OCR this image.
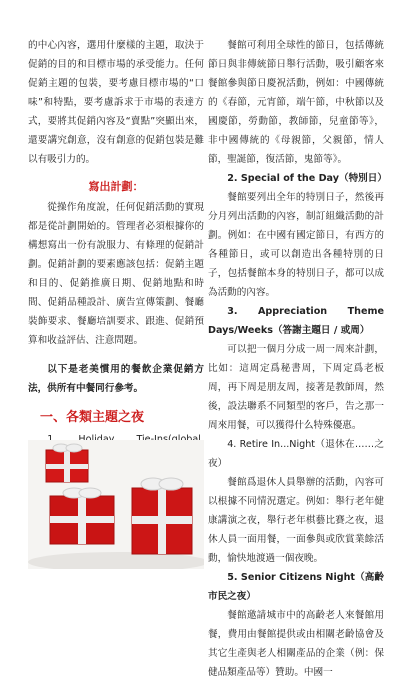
的中心內容，選用什麼樣的主題，取決于促銷的目的和目標市場的承受能力。任何促銷主題的包裝，要考慮目標市場的“口味”和特點，要考慮訴求于市場的表達方式，要將其促銷內容及“賣點”突顯出來，還要講究創意，沒有創意的促銷包裝是難以有吸引力的。

寫出計劃：

從操作角度說，任何促銷活動的實現都是從計劃開始的。管理者必須根據你的構想寫出一份有說服力、有條理的促銷計劃。促銷計劃的要素應該包括：促銷主題和目的、促銷推廣日期、促銷地點和時間、促銷品種設計、廣告宣傳策劃、餐廳裝飾要求、餐廳培訓要求、跟進、促銷預算和收益評估、注意問題。

以下是老美慣用的餐飲企業促銷方法，供所有中餐同行參考。

一、各類主題之夜

餐館可利用全球性的節日，包括傳統節日與非傳統節日舉行活動，吸引顧客來餐館參與節日慶祝活動，例如：中國傳統的《春節，元宵節，端午節，中秋節以及國慶節，勞動節，教師節，兒童節等》，非中國傳統的《母親節，父親節，情人節，聖誕節，復活節，鬼節等》。

2. Special of the Day（特別日）

餐館要列出全年的特別日子，然後再分月列出活動的內容，制訂組織活動的計劃。例如：在中國有國定節日，有西方的各種節日，或可以創造出各種特別的日子，包括餐館本身的特別日子，都可以成為活動的內容。

3. Appreciation Theme Days/Weeks（答謝主題日 / 或周）

可以把一個月分成一周一周來計劃，比如：這周定爲秘書周，下周定爲老板周，再下周是朋友周，接著是教師周，然後，設法聯系不同類型的客戶，告之那一周來用餐，可以獲得什么特殊優惠。

4. Retire In...Night（退休在……之夜）

餐館爲退休人員舉辦的活動，內容可以根據不同情況選定。例如：舉行老年健康講演之夜，舉行老年棋藝比賽之夜，退休人員一面用餐，一面參與或欣賞業餘活動，愉快地渡過一個夜晚。

5. Senior Citizens Night（高齡市民之夜）

餐館邀請城市中的高齡老人來餐館用餐，費用由餐館提供或由相關老齡協會及其它生產與老人相關產品的企業（例：保健品類產品等）贊助。中國一
